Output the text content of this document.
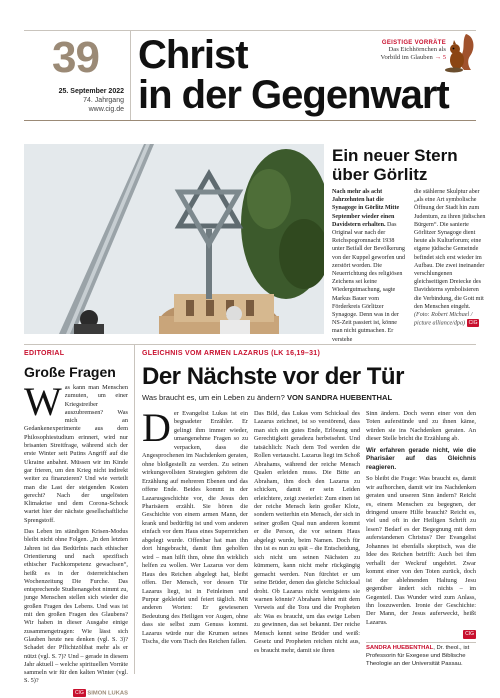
39
25. September 2022
74. Jahrgang
www.cig.de
Christ
in der Gegenwart
GEISTIGE VORRÄTE
Das Eichhörnchen als
Vorbild im Glauben → 5
Ein neuer Stern
über Görlitz
Nach mehr als acht Jahrzehnten hat die Synagoge in Görlitz Mitte September wieder einen Davidstern erhalten. Das Original war nach der Reichspogromnacht 1938 unter Beifall der Bevölkerung von der Kuppel geworfen und zerstört worden. Die Neuerrichtung des religiösen Zeichens sei keine Wiedergutmachung, sagte Markus Bauer vom Förderkreis Görlitzer Synagoge. Denn was in der NS-Zeit passiert ist, könne man nicht gutmachen. Er verstehe
die stählerne Skulptur aber „als eine Art symbolische Öffnung der Stadt hin zum Judentum, zu ihren jüdischen Bürgern“. Die sanierte Görlitzer Synagoge dient heute als Kulturforum; eine eigene jüdische Gemeinde befindet sich erst wieder im Aufbau. Die zwei ineinander verschlungenen gleichseitigen Dreiecke des Davidsterns symbolisieren die Verbindung, die Gott mit den Menschen eingeht. (Foto: Robert Michael / picture alliance/dpa) CIG
EDITORIAL
Große Fragen

Was kann man Menschen zumuten, um einer Kriegstreiber auszubremsen? Was mich an Gedankenexperimente aus dem Philosophiestudium erinnert, wird nur brisanten Streitfrage, während sich der erste Winter seit Putins Angriff auf die Ukraine anbahnt. Müssen wir im Kinde gar frieren, um den Krieg nicht indirekt weiter zu finanzieren? Und wie verteilt man die Last der steigenden Kosten gerecht? Nach der ungelösten Klimakrise und dem Corona-Schock wartet hier der nächste gesellschaftliche Sprengstoff.

Das Leben im ständigen Krisen-Modus bleibt nicht ohne Folgen. „In den letzten Jahren ist das Bedürfnis nach ethischer Orientierung und nach spezifisch ethischer Fachkompetenz gewachsen“, heißt es in der österreichischen Wochenzeitung Die Furche. Das entsprechende Studienangebot nimmt zu, junge Menschen stellen sich wieder die großen Fragen des Lebens. Und was ist mit den großen Fragen des Glaubens? Wir haben in dieser Ausgabe einige zusammengetragen: Wie lässt sich Glauben heute neu denken (vgl. S. 3)? Schadet der Pflichtzölibat mehr als er nützt (vgl. S. 7)? Und – gerade in diesem Jahr aktuell – welche spirituellen Vorräte sammeln wir für den kalten Winter (vgl. S. 5)?

CIG SIMON LUKAS
GLEICHNIS VOM ARMEN LAZARUS (LK 16,19–31)
Der Nächste vor der Tür
Was braucht es, um ein Leben zu ändern? VON SANDRA HUEBENTHAL

Der Evangelist Lukas ist ein begnadeter Erzähler. Er gelingt ihm immer wieder, umangenehme Fragen so zu verpacken, dass die Angesprochenen im Nachdenken geraten, ohne bloßgestellt zu werden. Zu seinen wirkungsvollsten Strategien gehören die Erzählung auf mehreren Ebenen und das offene Ende. Beides kommt in der Lazarusgeschichte vor, die Jesus den Pharisäern erzählt. Sie hören die Geschichte von einem armen Mann, der krank und bedürftig ist und vom anderen einfach vor dem Haus eines Superreichen abgelegt wurde. Offenbar hat man ihn dort hingebracht, damit ihm geholfen wird – man hilft ihm, ohne ihn wirklich helfen zu wollen. Wer Lazarus vor dem Haus des Reichen abgelegt hat, bleibt offen. Der Mensch, vor dessen Tür Lazarus liegt, ist in Feinleinen und Purpur gekleidet und feiert täglich. Mit anderen Worten: Er gewiesenen Bedeutung des Heiligen vor Augen, ohne dass sie selbst zum Genuss kommt. Lazarus würde nur die Krumen seines Tischs, die vom Tisch des Reichen fallen.

Das Bild, das Lukas vom Schicksal des Lazarus zeichnet, ist so verstörend, dass man sich ein gutes Ende, Erlösung und Gerechtigkeit geradezu herbeisehnt. Und tatsächlich: Nach dem Tod werden die Rollen vertauscht. Lazarus liegt im Schoß Abrahams, während der reiche Mensch Qualen erleiden muss. Die Bitte an Abraham, ihm doch den Lazarus zu schicken, damit er sein Leiden erleichtere, zeigt zweierlei: Zum einen ist der reiche Mensch kein großer Klotz, sondern weiterhin ein Mensch, der sich in seiner großen Qual nun anderen kommt er die Person, die vor seinem Haus abgelegt wurde, beim Namen. Doch für ihn ist es nun zu spät – die Entscheidung, sich nicht um seinen Nächsten zu kümmern, kann nicht mehr rückgängig gemacht werden. Nun fürchtet er um seine Brüder, denen das gleiche Schicksal droht. Ob Lazarus nicht wenigstens sie warnen könnte? Abraham lehnt mit dem Verweis auf die Tora und die Propheten ab: Was es braucht, um das ewige Leben zu gewinnen, das sei bekannt. Der reiche Mensch kennt seine Brüder und weiß: Gesetz und Propheten reichen nicht aus, es braucht mehr, damit sie ihren

Sinn ändern. Doch wenn einer von den Toten auferstünde und zu ihnen käme, würden sie ins Nachdenken geraten. An dieser Stelle bricht die Erzählung ab.

Wir erfahren gerade nicht, wie die Pharisäer auf das Gleichnis reagieren.

So bleibt die Frage: Was braucht es, damit wir aufhorchen, damit wir ins Nachdenken geraten und unseren Sinn ändern? Reicht es, einem Menschen zu begegnen, der dringend unsere Hilfe braucht? Reicht es, viel und oft in der Heiligen Schrift zu lesen? Bedarf es der Begegnung mit dem auferstandenen Christus? Der Evangelist Johannes ist ebenfalls skeptisch, was die Idee des Reichen betrifft: Auch bei ihm verhallt der Weckruf ungehört. Zwar kommt einer von den Toten zurück, doch ist der ablehnenden Haltung Jesu gegenüber ändert sich nichts – im Gegenteil. Das Wunder wird zum Anlass, ihn loszuwerden. Ironie der Geschichte: Der Mann, der Jesus auferweckt, heißt Lazarus.

CIG
SANDRA HUEBENTHAL, Dr. theol., ist Professorin für Exegese und Biblische Theologie an der Universität Passau.
